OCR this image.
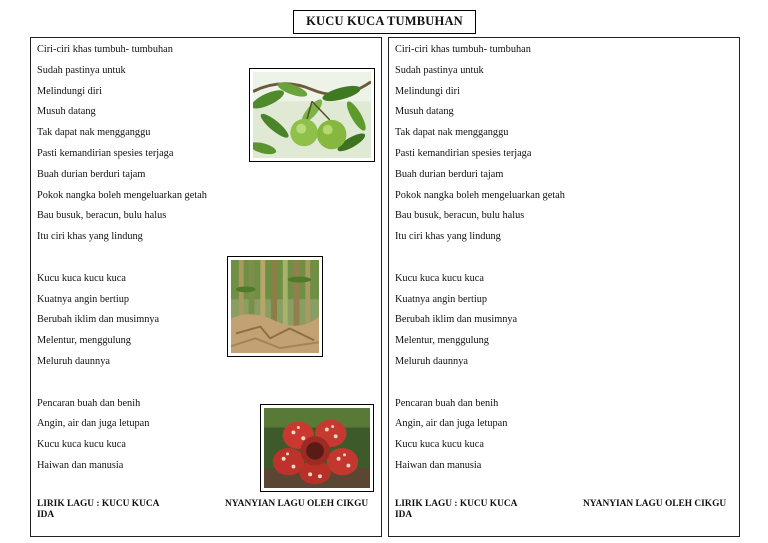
KUCU KUCA TUMBUHAN
Ciri-ciri khas tumbuh- tumbuhan
Sudah pastinya untuk
Melindungi diri
Musuh datang
Tak dapat nak mengganggu
Pasti kemandirian spesies terjaga
Buah durian berduri tajam
Pokok nangka boleh mengeluarkan getah
Bau busuk, beracun, bulu halus
Itu ciri khas yang lindung
Kucu kuca kucu kuca
Kuatnya angin bertiup
Berubah iklim dan musimnya
Melentur, menggulung
Meluruh daunnya
Pencaran buah dan benih
Angin, air dan juga letupan
Kucu kuca kucu kuca
Haiwan dan manusia
LIRIK LAGU : KUCU KUCA	NYANYIAN LAGU OLEH CIKGU
IDA
Ciri-ciri khas tumbuh- tumbuhan
Sudah pastinya untuk
Melindungi diri
Musuh datang
Tak dapat nak mengganggu
Pasti kemandirian spesies terjaga
Buah durian berduri tajam
Pokok nangka boleh mengeluarkan getah
Bau busuk, beracun, bulu halus
Itu ciri khas yang lindung
Kucu kuca kucu kuca
Kuatnya angin bertiup
Berubah iklim dan musimnya
Melentur, menggulung
Meluruh daunnya
Pencaran buah dan benih
Angin, air dan juga letupan
Kucu kuca kucu kuca
Haiwan dan manusia
LIRIK LAGU : KUCU KUCA	NYANYIAN LAGU OLEH CIKGU
IDA
